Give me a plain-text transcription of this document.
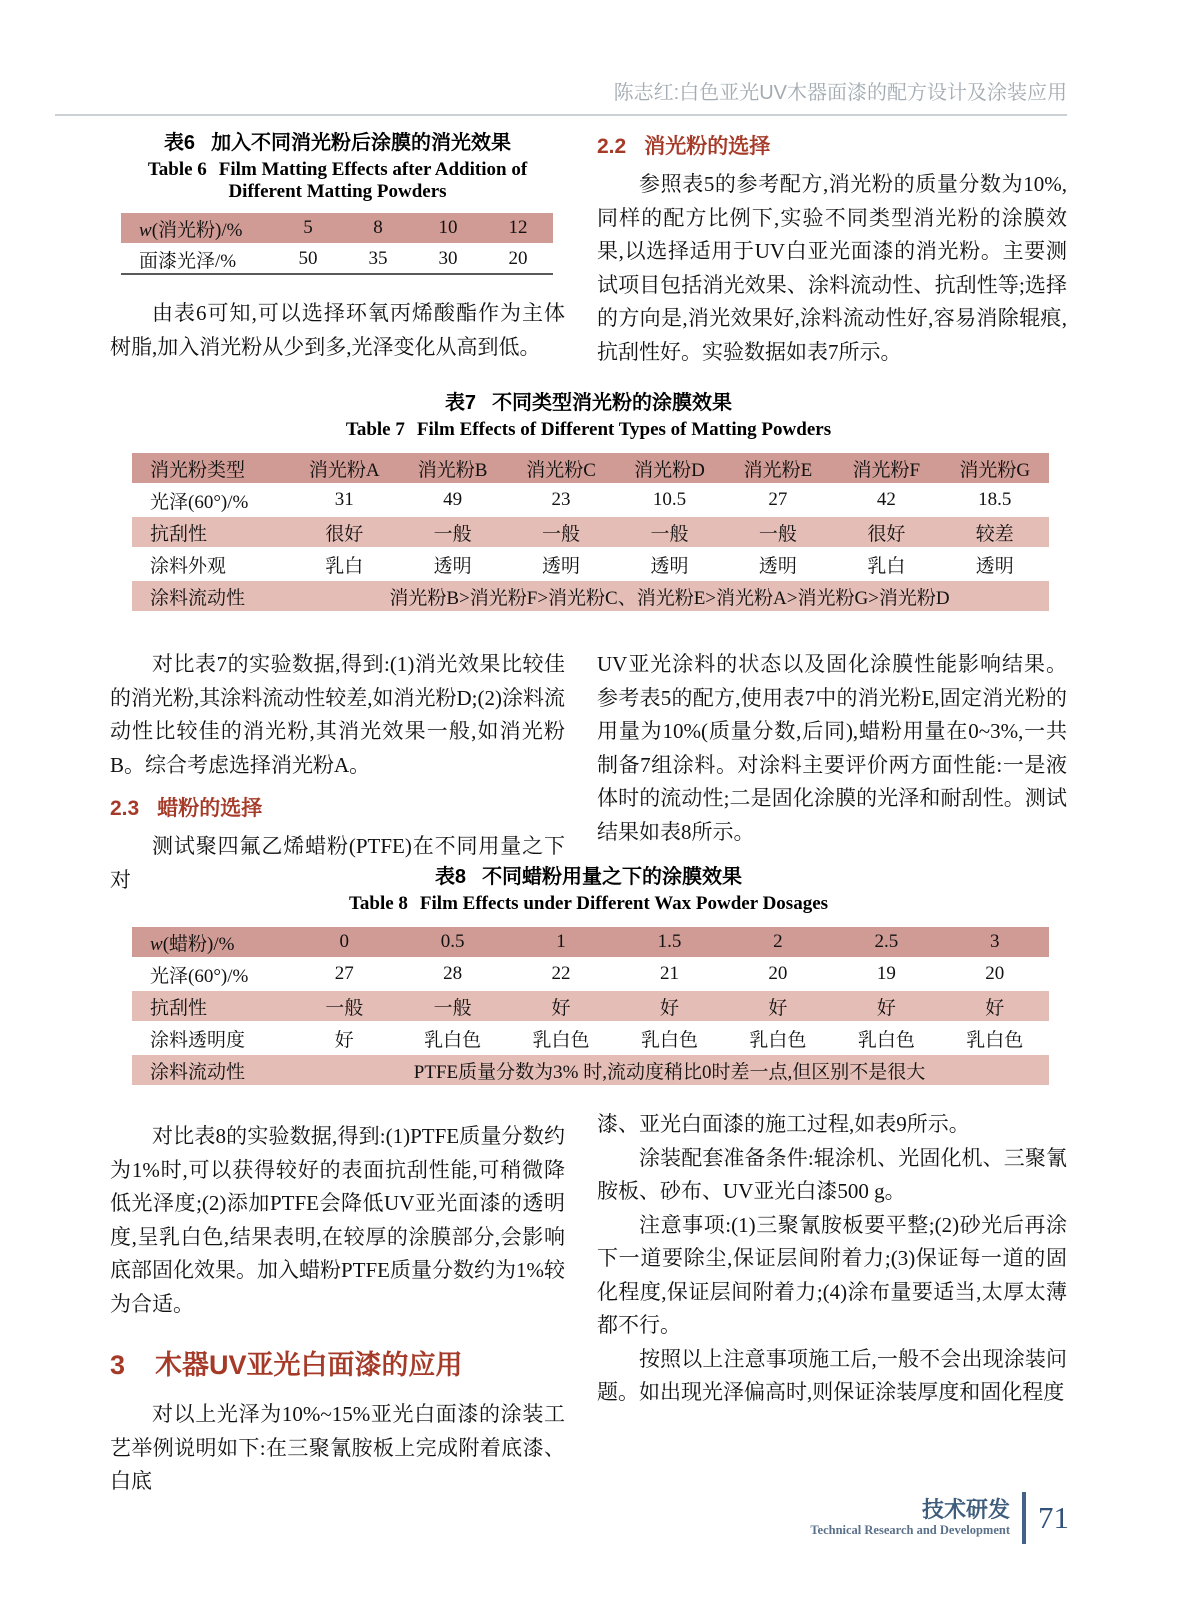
陈志红:白色亚光UV木器面漆的配方设计及涂装应用
表6 加入不同消光粉后涂膜的消光效果
Table 6 Film Matting Effects after Addition of Different Matting Powders
w(消光粉)/%	5	8	10	12
面漆光泽/%	50	35	30	20

由表6可知,可以选择环氧丙烯酸酯作为主体树脂,加入消光粉从少到多,光泽变化从高到低。

2.2 消光粉的选择

参照表5的参考配方,消光粉的质量分数为10%,同样的配方比例下,实验不同类型消光粉的涂膜效果,以选择适用于UV白亚光面漆的消光粉。主要测试项目包括消光效果、涂料流动性、抗刮性等;选择的方向是,消光效果好,涂料流动性好,容易消除辊痕,抗刮性好。实验数据如表7所示。

表7 不同类型消光粉的涂膜效果
Table 7 Film Effects of Different Types of Matting Powders
消光粉类型	消光粉A	消光粉B	消光粉C	消光粉D	消光粉E	消光粉F	消光粉G
光泽(60°)/%	31	49	23	10.5	27	42	18.5
抗刮性	很好	一般	一般	一般	一般	很好	较差
涂料外观	乳白	透明	透明	透明	透明	乳白	透明
涂料流动性	消光粉B>消光粉F>消光粉C、消光粉E>消光粉A>消光粉G>消光粉D						

对比表7的实验数据,得到:(1)消光效果比较佳的消光粉,其涂料流动性较差,如消光粉D;(2)涂料流动性比较佳的消光粉,其消光效果一般,如消光粉B。综合考虑选择消光粉A。

2.3 蜡粉的选择

测试聚四氟乙烯蜡粉(PTFE)在不同用量之下对

UV亚光涂料的状态以及固化涂膜性能影响结果。参考表5的配方,使用表7中的消光粉E,固定消光粉的用量为10%(质量分数,后同),蜡粉用量在0~3%,一共制备7组涂料。对涂料主要评价两方面性能:一是液体时的流动性;二是固化涂膜的光泽和耐刮性。测试结果如表8所示。

表8 不同蜡粉用量之下的涂膜效果
Table 8 Film Effects under Different Wax Powder Dosages
w(蜡粉)/%	0	0.5	1	1.5	2	2.5	3
光泽(60°)/%	27	28	22	21	20	19	20
抗刮性	一般	一般	好	好	好	好	好
涂料透明度	好	乳白色	乳白色	乳白色	乳白色	乳白色	乳白色
涂料流动性	PTFE质量分数为3% 时,流动度稍比0时差一点,但区别不是很大						

对比表8的实验数据,得到:(1)PTFE质量分数约为1%时,可以获得较好的表面抗刮性能,可稍微降低光泽度;(2)添加PTFE会降低UV亚光面漆的透明度,呈乳白色,结果表明,在较厚的涂膜部分,会影响底部固化效果。加入蜡粉PTFE质量分数约为1%较为合适。

3 木器UV亚光白面漆的应用

对以上光泽为10%~15%亚光白面漆的涂装工艺举例说明如下:在三聚氰胺板上完成附着底漆、白底

漆、亚光白面漆的施工过程,如表9所示。

涂装配套准备条件:辊涂机、光固化机、三聚氰胺板、砂布、UV亚光白漆500 g。

注意事项:(1)三聚氰胺板要平整;(2)砂光后再涂下一道要除尘,保证层间附着力;(3)保证每一道的固化程度,保证层间附着力;(4)涂布量要适当,太厚太薄都不行。

按照以上注意事项施工后,一般不会出现涂装问题。如出现光泽偏高时,则保证涂装厚度和固化程度

技术研发
Technical Research and Development 71
